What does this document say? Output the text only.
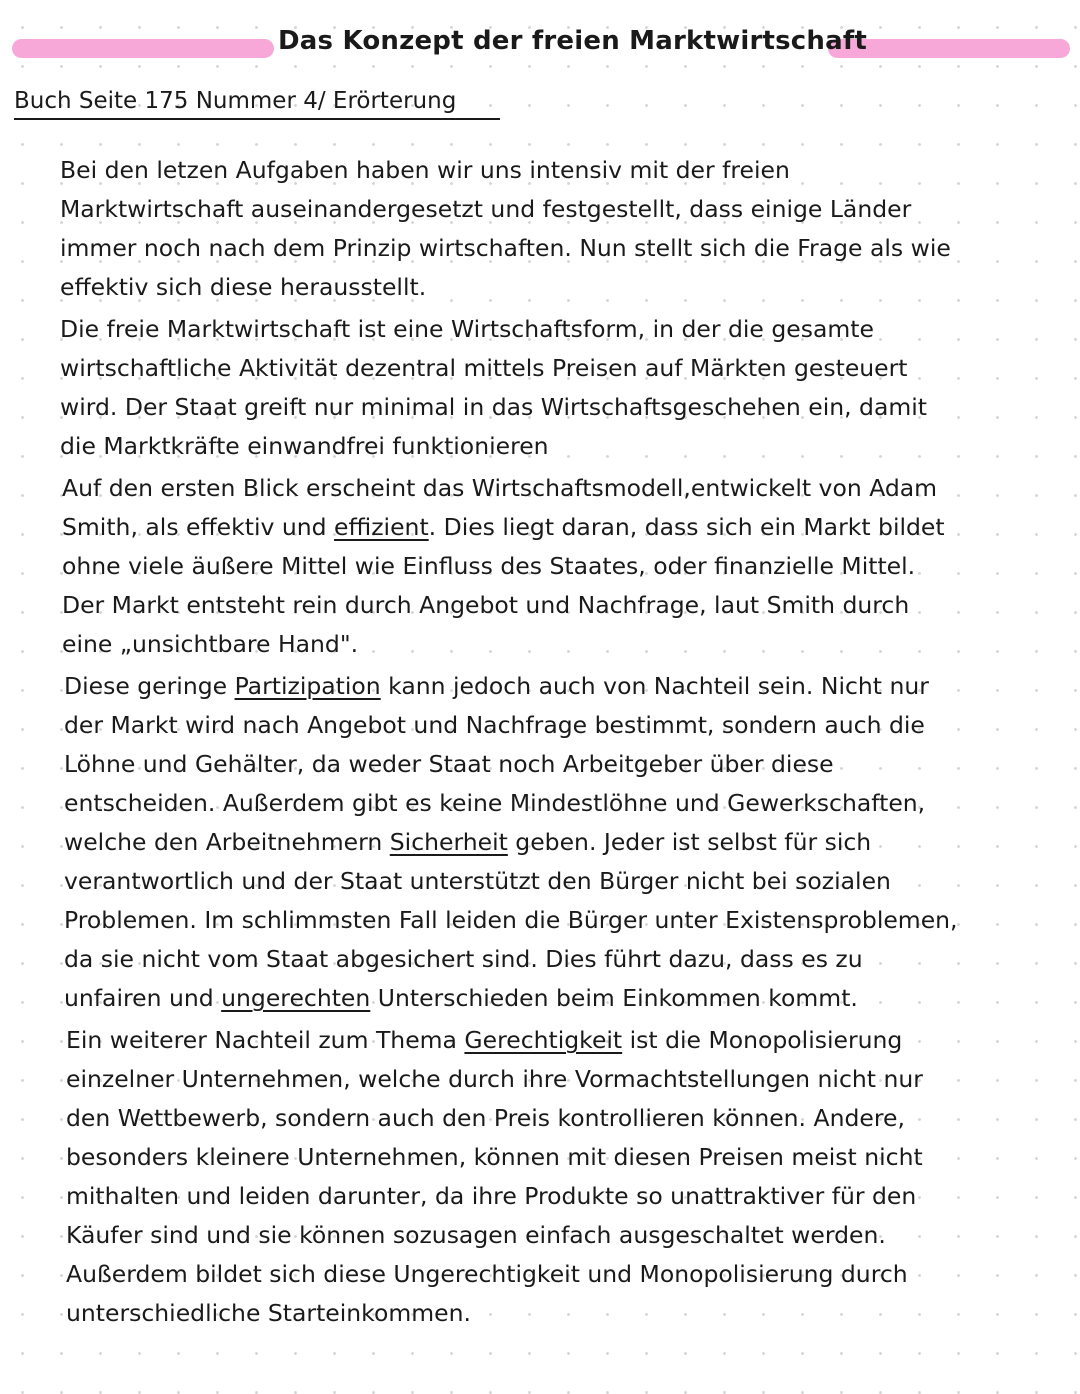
Das Konzept der freien Marktwirtschaft
Buch Seite 175 Nummer 4/ Erörterung

Bei den letzen Aufgaben haben wir uns intensiv mit der freien Marktwirtschaft auseinandergesetzt und festgestellt, dass einige Länder immer noch nach dem Prinzip wirtschaften. Nun stellt sich die Frage als wie effektiv sich diese herausstellt.

Die freie Marktwirtschaft ist eine Wirtschaftsform, in der die gesamte wirtschaftliche Aktivität dezentral mittels Preisen auf Märkten gesteuert wird. Der Staat greift nur minimal in das Wirtschaftsgeschehen ein, damit die Marktkräfte einwandfrei funktionieren

Auf den ersten Blick erscheint das Wirtschaftsmodell,entwickelt von Adam Smith, als effektiv und effizient. Dies liegt daran, dass sich ein Markt bildet ohne viele äußere Mittel wie Einfluss des Staates, oder finanzielle Mittel. Der Markt entsteht rein durch Angebot und Nachfrage, laut Smith durch eine „unsichtbare Hand".

Diese geringe Partizipation kann jedoch auch von Nachteil sein. Nicht nur der Markt wird nach Angebot und Nachfrage bestimmt, sondern auch die Löhne und Gehälter, da weder Staat noch Arbeitgeber über diese entscheiden. Außerdem gibt es keine Mindestlöhne und Gewerkschaften, welche den Arbeitnehmern Sicherheit geben. Jeder ist selbst für sich verantwortlich und der Staat unterstützt den Bürger nicht bei sozialen Problemen. Im schlimmsten Fall leiden die Bürger unter Existensproblemen, da sie nicht vom Staat abgesichert sind. Dies führt dazu, dass es zu unfairen und ungerechten Unterschieden beim Einkommen kommt.

Ein weiterer Nachteil zum Thema Gerechtigkeit ist die Monopolisierung einzelner Unternehmen, welche durch ihre Vormachtstellungen nicht nur den Wettbewerb, sondern auch den Preis kontrollieren können. Andere, besonders kleinere Unternehmen, können mit diesen Preisen meist nicht mithalten und leiden darunter, da ihre Produkte so unattraktiver für den Käufer sind und sie können sozusagen einfach ausgeschaltet werden. Außerdem bildet sich diese Ungerechtigkeit und Monopolisierung durch unterschiedliche Starteinkommen.
